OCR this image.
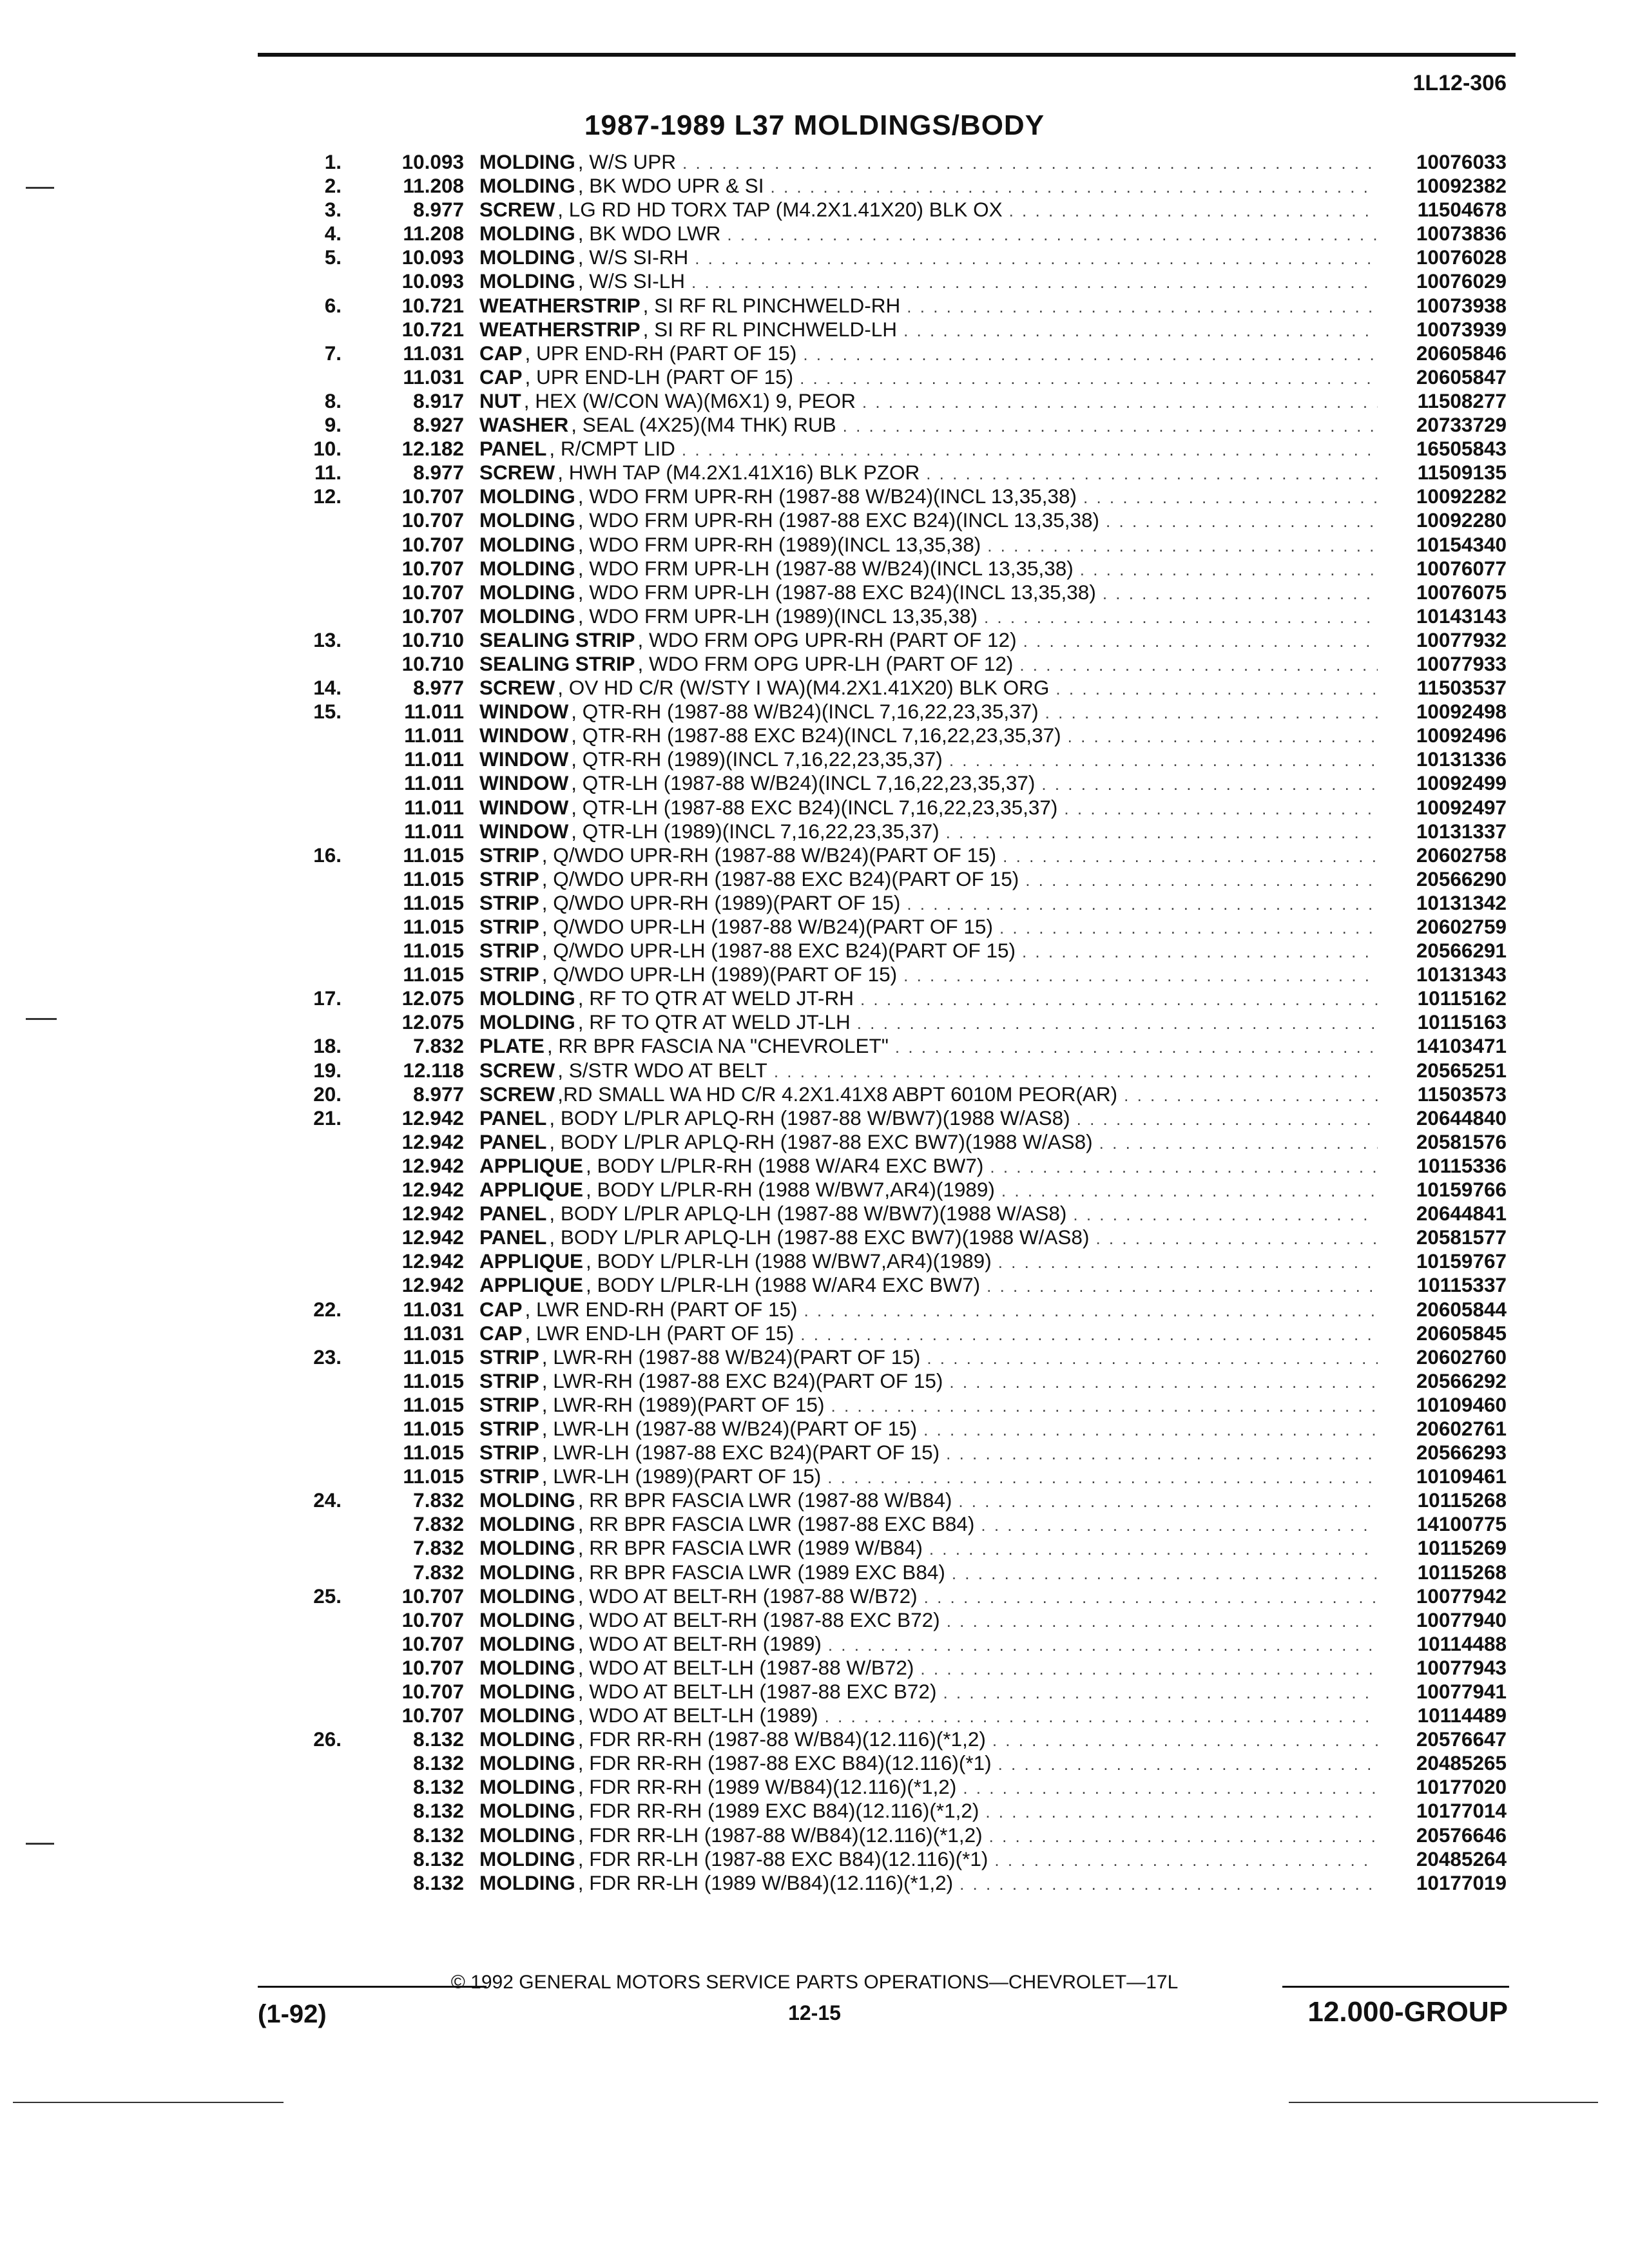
1L12-306
1987-1989 L37 MOLDINGS/BODY
1.	10.093 MOLDING , W/S UPR . . .	10076033
2.	11.208 MOLDING , BK WDO UPR & SI . . .	10092382
3.	8.977 SCREW , LG RD HD TORX TAP (M4.2X1.41X20) BLK OX . . .	11504678
4.	11.208 MOLDING , BK WDO LWR . . .	10073836
5.	10.093 MOLDING , W/S SI-RH . . .	10076028
10.093 MOLDING , W/S SI-LH . . .	10076029
6.	10.721 WEATHERSTRIP , SI RF RL PINCHWELD-RH . . .	10073938
10.721 WEATHERSTRIP , SI RF RL PINCHWELD-LH . . .	10073939
7.	11.031 CAP , UPR END-RH (PART OF 15) . . .	20605846
11.031 CAP , UPR END-LH (PART OF 15) . . .	20605847
8.	8.917 NUT , HEX (W/CON WA)(M6X1) 9, PEOR . . .	11508277
9.	8.927 WASHER , SEAL (4X25)(M4 THK) RUB . . .	20733729
10.	12.182 PANEL , R/CMPT LID . . .	16505843
11.	8.977 SCREW , HWH TAP (M4.2X1.41X16) BLK PZOR . . .	11509135
12.	10.707 MOLDING , WDO FRM UPR-RH (1987-88 W/B24)(INCL 13,35,38) . . .	10092282
10.707 MOLDING , WDO FRM UPR-RH (1987-88 EXC B24)(INCL 13,35,38) . . .	10092280
10.707 MOLDING , WDO FRM UPR-RH (1989)(INCL 13,35,38) . . .	10154340
10.707 MOLDING , WDO FRM UPR-LH (1987-88 W/B24)(INCL 13,35,38) . . .	10076077
10.707 MOLDING , WDO FRM UPR-LH (1987-88 EXC B24)(INCL 13,35,38) . . .	10076075
10.707 MOLDING , WDO FRM UPR-LH (1989)(INCL 13,35,38) . . .	10143143
13.	10.710 SEALING STRIP , WDO FRM OPG UPR-RH (PART OF 12) . . .	10077932
10.710 SEALING STRIP , WDO FRM OPG UPR-LH (PART OF 12) . . .	10077933
14.	8.977 SCREW , OV HD C/R (W/STY I WA)(M4.2X1.41X20) BLK ORG . . .	11503537
15.	11.011 WINDOW , QTR-RH (1987-88 W/B24)(INCL 7,16,22,23,35,37) . . .	10092498
11.011 WINDOW , QTR-RH (1987-88 EXC B24)(INCL 7,16,22,23,35,37) . . .	10092496
11.011 WINDOW , QTR-RH (1989)(INCL 7,16,22,23,35,37) . . .	10131336
11.011 WINDOW , QTR-LH (1987-88 W/B24)(INCL 7,16,22,23,35,37) . . .	10092499
11.011 WINDOW , QTR-LH (1987-88 EXC B24)(INCL 7,16,22,23,35,37) . . .	10092497
11.011 WINDOW , QTR-LH (1989)(INCL 7,16,22,23,35,37) . . .	10131337
16.	11.015 STRIP , Q/WDO UPR-RH (1987-88 W/B24)(PART OF 15) . . .	20602758
11.015 STRIP , Q/WDO UPR-RH (1987-88 EXC B24)(PART OF 15) . . .	20566290
11.015 STRIP , Q/WDO UPR-RH (1989)(PART OF 15) . . .	10131342
11.015 STRIP , Q/WDO UPR-LH (1987-88 W/B24)(PART OF 15) . . .	20602759
11.015 STRIP , Q/WDO UPR-LH (1987-88 EXC B24)(PART OF 15) . . .	20566291
11.015 STRIP , Q/WDO UPR-LH (1989)(PART OF 15) . . .	10131343
17.	12.075 MOLDING , RF TO QTR AT WELD JT-RH . . .	10115162
12.075 MOLDING , RF TO QTR AT WELD JT-LH . . .	10115163
18.	7.832 PLATE , RR BPR FASCIA NA "CHEVROLET" . . .	14103471
19.	12.118 SCREW , S/STR WDO AT BELT . . .	20565251
20.	8.977 SCREW ,RD SMALL WA HD C/R 4.2X1.41X8 ABPT 6010M PEOR(AR) . . .	11503573
21.	12.942 PANEL , BODY L/PLR APLQ-RH (1987-88 W/BW7)(1988 W/AS8) . . .	20644840
12.942 PANEL , BODY L/PLR APLQ-RH (1987-88 EXC BW7)(1988 W/AS8) . . .	20581576
12.942 APPLIQUE , BODY L/PLR-RH (1988 W/AR4 EXC BW7) . . .	10115336
12.942 APPLIQUE , BODY L/PLR-RH (1988 W/BW7,AR4)(1989) . . .	10159766
12.942 PANEL , BODY L/PLR APLQ-LH (1987-88 W/BW7)(1988 W/AS8) . . .	20644841
12.942 PANEL , BODY L/PLR APLQ-LH (1987-88 EXC BW7)(1988 W/AS8) . . .	20581577
12.942 APPLIQUE , BODY L/PLR-LH (1988 W/BW7,AR4)(1989) . . .	10159767
12.942 APPLIQUE , BODY L/PLR-LH (1988 W/AR4 EXC BW7) . . .	10115337
22.	11.031 CAP , LWR END-RH (PART OF 15) . . .	20605844
11.031 CAP , LWR END-LH (PART OF 15) . . .	20605845
23.	11.015 STRIP , LWR-RH (1987-88 W/B24)(PART OF 15) . . .	20602760
11.015 STRIP , LWR-RH (1987-88 EXC B24)(PART OF 15) . . .	20566292
11.015 STRIP , LWR-RH (1989)(PART OF 15) . . .	10109460
11.015 STRIP , LWR-LH (1987-88 W/B24)(PART OF 15) . . .	20602761
11.015 STRIP , LWR-LH (1987-88 EXC B24)(PART OF 15) . . .	20566293
11.015 STRIP , LWR-LH (1989)(PART OF 15) . . .	10109461
24.	7.832 MOLDING , RR BPR FASCIA LWR (1987-88 W/B84) . . .	10115268
7.832 MOLDING , RR BPR FASCIA LWR (1987-88 EXC B84) . . .	14100775
7.832 MOLDING , RR BPR FASCIA LWR (1989 W/B84) . . .	10115269
7.832 MOLDING , RR BPR FASCIA LWR (1989 EXC B84) . . .	10115268
25.	10.707 MOLDING , WDO AT BELT-RH (1987-88 W/B72) . . .	10077942
10.707 MOLDING , WDO AT BELT-RH (1987-88 EXC B72) . . .	10077940
10.707 MOLDING , WDO AT BELT-RH (1989) . . .	10114488
10.707 MOLDING , WDO AT BELT-LH (1987-88 W/B72) . . .	10077943
10.707 MOLDING , WDO AT BELT-LH (1987-88 EXC B72) . . .	10077941
10.707 MOLDING , WDO AT BELT-LH (1989) . . .	10114489
26.	8.132 MOLDING , FDR RR-RH (1987-88 W/B84)(12.116)(*1,2) . . .	20576647
8.132 MOLDING , FDR RR-RH (1987-88 EXC B84)(12.116)(*1) . . .	20485265
8.132 MOLDING , FDR RR-RH (1989 W/B84)(12.116)(*1,2) . . .	10177020
8.132 MOLDING , FDR RR-RH (1989 EXC B84)(12.116)(*1,2) . . .	10177014
8.132 MOLDING , FDR RR-LH (1987-88 W/B84)(12.116)(*1,2) . . .	20576646
8.132 MOLDING , FDR RR-LH (1987-88 EXC B84)(12.116)(*1) . . .	20485264
8.132 MOLDING , FDR RR-LH (1989 W/B84)(12.116)(*1,2) . . .	10177019
© 1992 GENERAL MOTORS SERVICE PARTS OPERATIONS—CHEVROLET—17L
(1-92)	12-15	12.000-GROUP
